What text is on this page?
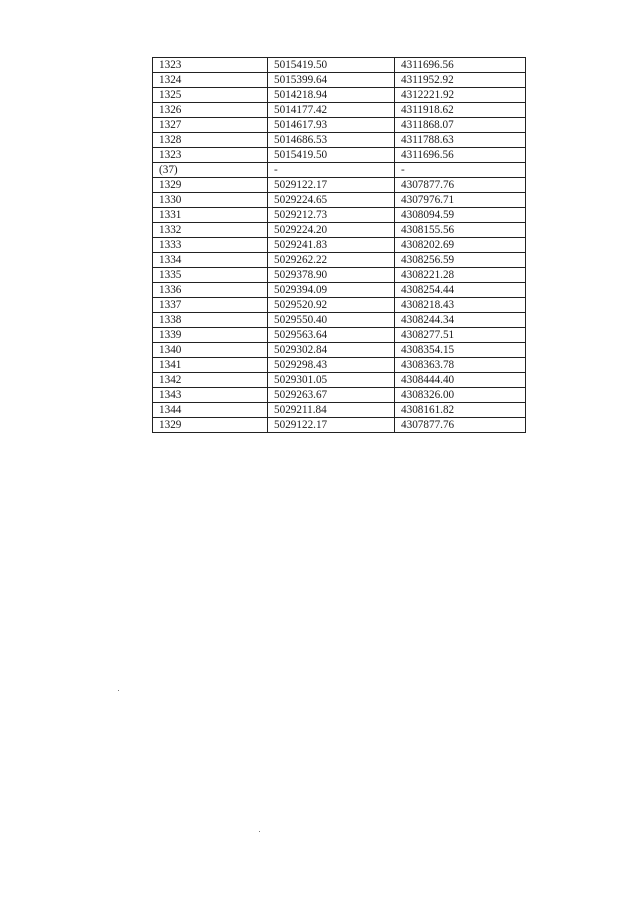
1323	5015419.50	4311696.56
1324	5015399.64	4311952.92
1325	5014218.94	4312221.92
1326	5014177.42	4311918.62
1327	5014617.93	4311868.07
1328	5014686.53	4311788.63
1323	5015419.50	4311696.56
(37)	-	-
1329	5029122.17	4307877.76
1330	5029224.65	4307976.71
1331	5029212.73	4308094.59
1332	5029224.20	4308155.56
1333	5029241.83	4308202.69
1334	5029262.22	4308256.59
1335	5029378.90	4308221.28
1336	5029394.09	4308254.44
1337	5029520.92	4308218.43
1338	5029550.40	4308244.34
1339	5029563.64	4308277.51
1340	5029302.84	4308354.15
1341	5029298.43	4308363.78
1342	5029301.05	4308444.40
1343	5029263.67	4308326.00
1344	5029211.84	4308161.82
1329	5029122.17	4307877.76
